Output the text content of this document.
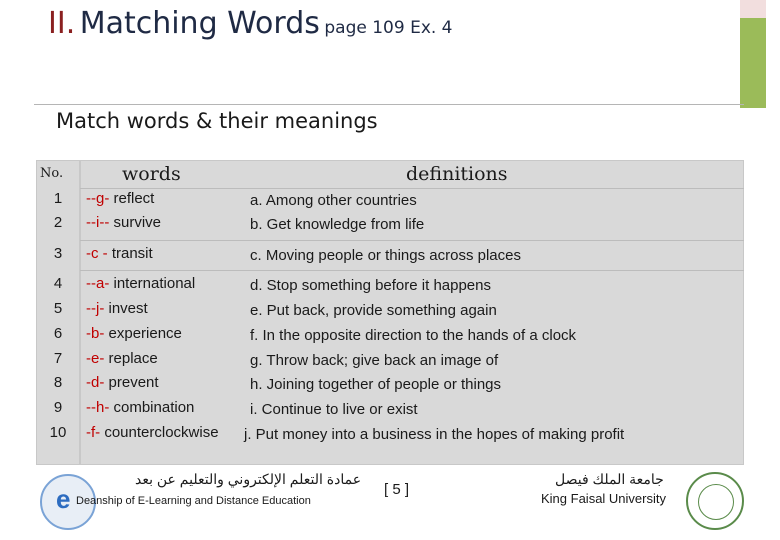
II. Matching Words page 109 Ex. 4
Match words & their meanings
No.	words	definitions
1	--g- reflect	a. Among other countries
2	--i-- survive	b. Get knowledge from life
3	-c - transit	c. Moving people or things across places
4	--a- international	d. Stop something before it happens
5	--j- invest	e. Put back, provide something again
6	-b- experience	f. In the opposite direction to the hands of a clock
7	-e- replace	g. Throw back; give back an image of
8	-d- prevent	h. Joining together of people or things
9	--h- combination	i. Continue to live or exist
10	-f- counterclockwise j. Put money into a business in the hopes of making profit
e
عمادة التعلم الإلكتروني والتعليم عن بعد
Deanship of E-Learning and Distance Education
[ 5 ]
جامعة الملك فيصل
King Faisal University
